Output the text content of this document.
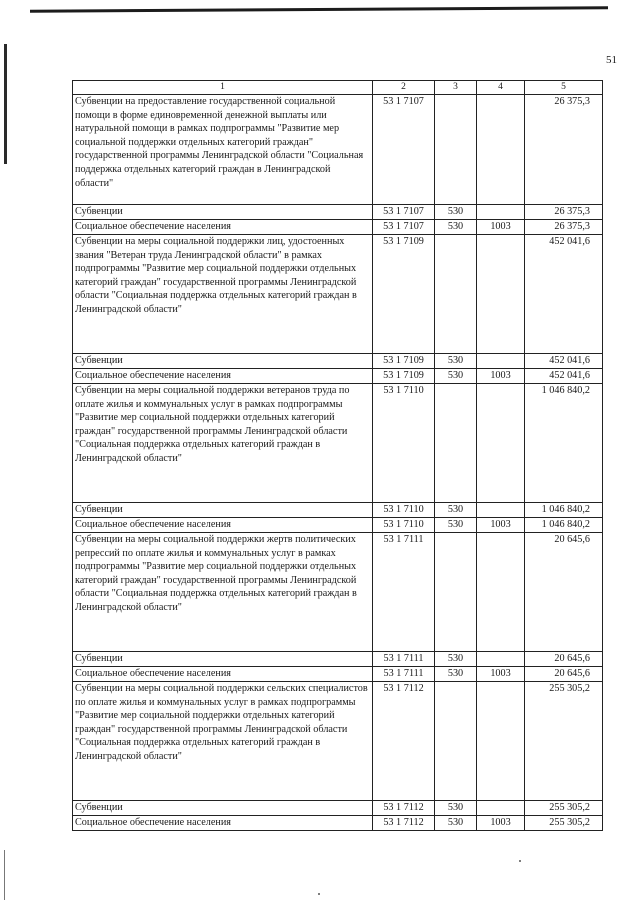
51
1	2	3	4	5
Субвенции на предоставление государственной социальной помощи в форме единовременной денежной выплаты или натуральной помощи в рамках подпрограммы "Развитие мер социальной поддержки отдельных категорий граждан" государственной программы Ленинградской области "Социальная поддержка отдельных категорий граждан в Ленинградской области"	53 1 7107			26 375,3
Субвенции	53 1 7107	530		26 375,3
Социальное обеспечение населения	53 1 7107	530	1003	26 375,3
Субвенции на меры социальной поддержки лиц, удостоенных звания "Ветеран труда Ленинградской области" в рамках подпрограммы "Развитие мер социальной поддержки отдельных категорий граждан" государственной программы Ленинградской области "Социальная поддержка отдельных категорий граждан в Ленинградской области"	53 1 7109			452 041,6
Субвенции	53 1 7109	530		452 041,6
Социальное обеспечение населения	53 1 7109	530	1003	452 041,6
Субвенции на меры социальной поддержки ветеранов труда по оплате жилья и коммунальных услуг в рамках подпрограммы "Развитие мер социальной поддержки отдельных категорий граждан" государственной программы Ленинградской области "Социальная поддержка отдельных категорий граждан в Ленинградской области"	53 1 7110			1 046 840,2
Субвенции	53 1 7110	530		1 046 840,2
Социальное обеспечение населения	53 1 7110	530	1003	1 046 840,2
Субвенции на меры социальной поддержки жертв политических репрессий по оплате жилья и коммунальных услуг в рамках подпрограммы "Развитие мер социальной поддержки отдельных категорий граждан" государственной программы Ленинградской области "Социальная поддержка отдельных категорий граждан в Ленинградской области"	53 1 7111			20 645,6
Субвенции	53 1 7111	530		20 645,6
Социальное обеспечение населения	53 1 7111	530	1003	20 645,6
Субвенции на меры социальной поддержки сельских специалистов по оплате жилья и коммунальных услуг в рамках подпрограммы "Развитие мер социальной поддержки отдельных категорий граждан" государственной программы Ленинградской области "Социальная поддержка отдельных категорий граждан в Ленинградской области"	53 1 7112			255 305,2
Субвенции	53 1 7112	530		255 305,2
Социальное обеспечение населения	53 1 7112	530	1003	255 305,2
